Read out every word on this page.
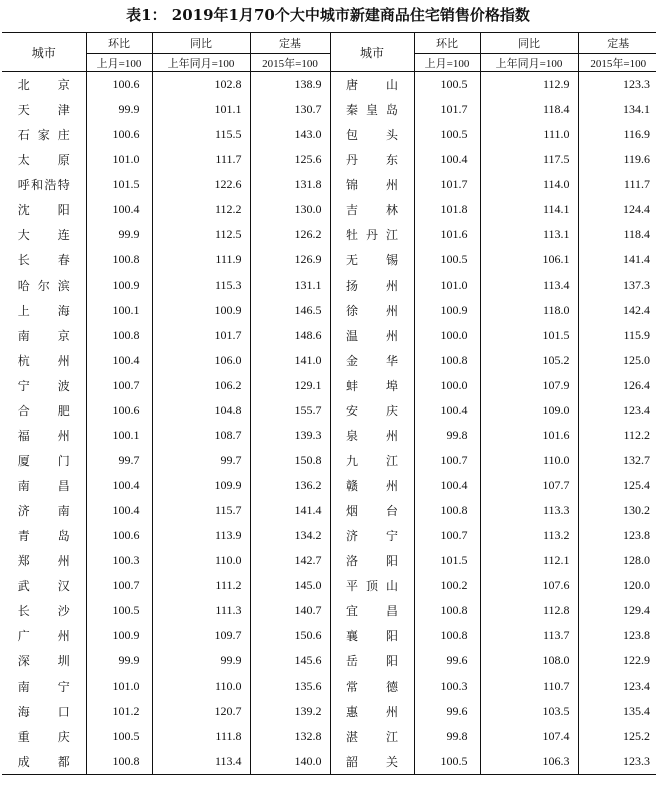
表1： 2019年1月70个大中城市新建商品住宅销售价格指数
城市	环比	同比	定基	城市	环比	同比	定基
	上月=100	上年同月=100	2015年=100		上月=100	上年同月=100	2015年=100
北 京	100.6	102.8	138.9	唐 山	100.5	112.9	123.3
天 津	99.9	101.1	130.7	秦皇岛	101.7	118.4	134.1
石家庄	100.6	115.5	143.0	包 头	100.5	111.0	116.9
太 原	101.0	111.7	125.6	丹 东	100.4	117.5	119.6
呼和浩特	101.5	122.6	131.8	锦 州	101.7	114.0	111.7
沈 阳	100.4	112.2	130.0	吉 林	101.8	114.1	124.4
大 连	99.9	112.5	126.2	牡丹江	101.6	113.1	118.4
长 春	100.8	111.9	126.9	无 锡	100.5	106.1	141.4
哈尔滨	100.9	115.3	131.1	扬 州	101.0	113.4	137.3
上 海	100.1	100.9	146.5	徐 州	100.9	118.0	142.4
南 京	100.8	101.7	148.6	温 州	100.0	101.5	115.9
杭 州	100.4	106.0	141.0	金 华	100.8	105.2	125.0
宁 波	100.7	106.2	129.1	蚌 埠	100.0	107.9	126.4
合 肥	100.6	104.8	155.7	安 庆	100.4	109.0	123.4
福 州	100.1	108.7	139.3	泉 州	99.8	101.6	112.2
厦 门	99.7	99.7	150.8	九 江	100.7	110.0	132.7
南 昌	100.4	109.9	136.2	赣 州	100.4	107.7	125.4
济 南	100.4	115.7	141.4	烟 台	100.8	113.3	130.2
青 岛	100.6	113.9	134.2	济 宁	100.7	113.2	123.8
郑 州	100.3	110.0	142.7	洛 阳	101.5	112.1	128.0
武 汉	100.7	111.2	145.0	平顶山	100.2	107.6	120.0
长 沙	100.5	111.3	140.7	宜 昌	100.8	112.8	129.4
广 州	100.9	109.7	150.6	襄 阳	100.8	113.7	123.8
深 圳	99.9	99.9	145.6	岳 阳	99.6	108.0	122.9
南 宁	101.0	110.0	135.6	常 德	100.3	110.7	123.4
海 口	101.2	120.7	139.2	惠 州	99.6	103.5	135.4
重 庆	100.5	111.8	132.8	湛 江	99.8	107.4	125.2
成 都	100.8	113.4	140.0	韶 关	100.5	106.3	123.3
